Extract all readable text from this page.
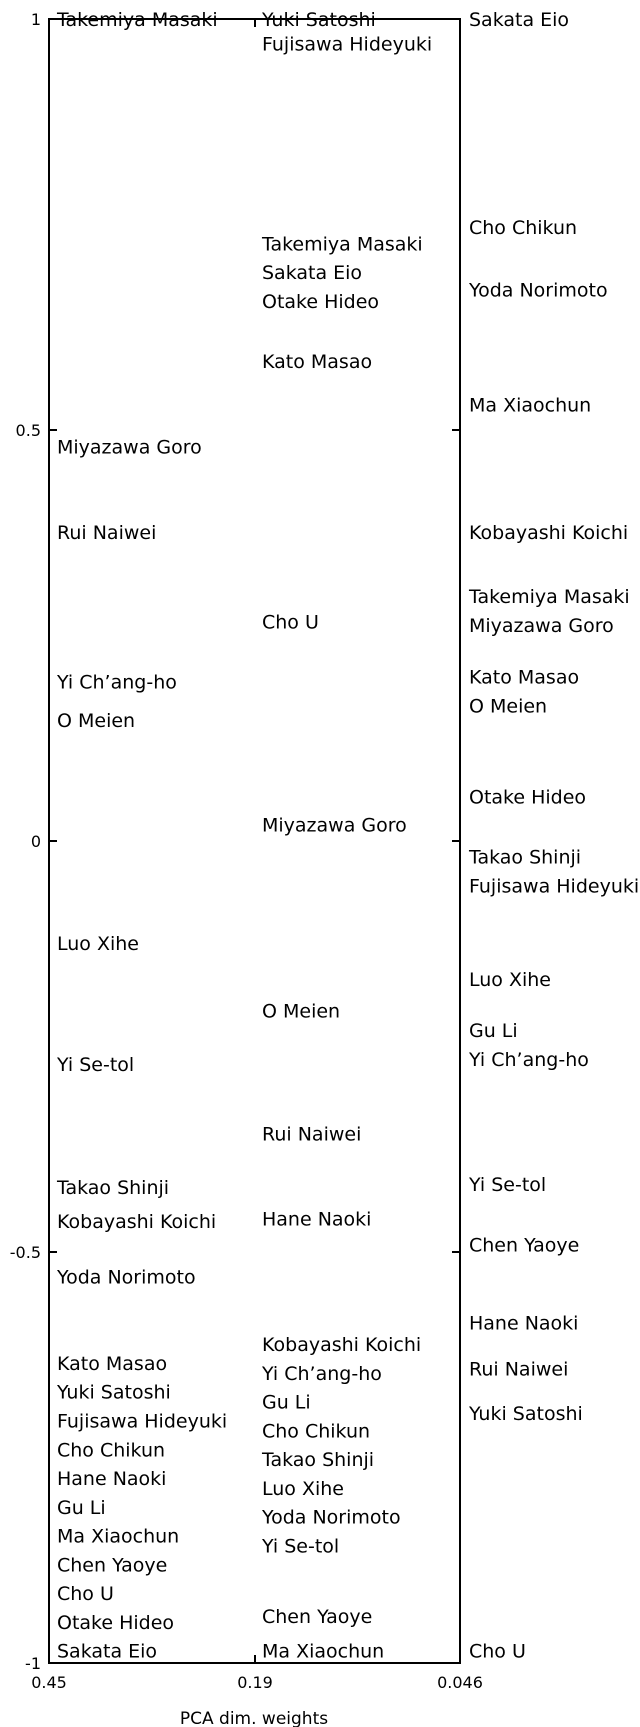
1
0.5
0
-0.5
-1
0.45	0.19	0.046
Takemiya Masaki
Miyazawa Goro
Rui Naiwei
Yi Ch’ang-ho
O Meien
Luo Xihe
Yi Se-tol
Takao Shinji
Kobayashi Koichi
Yoda Norimoto
Kato Masao
Yuki Satoshi
Fujisawa Hideyuki
Cho Chikun
Hane Naoki
Gu Li
Ma Xiaochun
Chen Yaoye
Cho U
Otake Hideo
Sakata Eio
Yuki Satoshi
Fujisawa Hideyuki
Takemiya Masaki
Sakata Eio
Otake Hideo
Kato Masao
Cho U
Miyazawa Goro
O Meien
Rui Naiwei
Hane Naoki
Kobayashi Koichi
Yi Ch’ang-ho
Gu Li
Cho Chikun
Takao Shinji
Luo Xihe
Yoda Norimoto
Yi Se-tol
Chen Yaoye
Ma Xiaochun
Sakata Eio
Cho Chikun
Yoda Norimoto
Ma Xiaochun
Kobayashi Koichi
Takemiya Masaki
Miyazawa Goro
Kato Masao
O Meien
Otake Hideo
Takao Shinji
Fujisawa Hideyuki
Luo Xihe
Gu Li
Yi Ch’ang-ho
Yi Se-tol
Chen Yaoye
Hane Naoki
Rui Naiwei
Yuki Satoshi
Cho U
PCA dim. weights
